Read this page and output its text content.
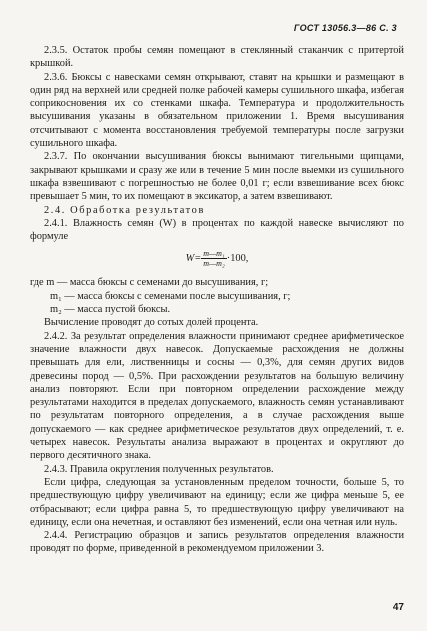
ГОСТ 13056.3—86 С. 3

2.3.5. Остаток пробы семян помещают в стеклянный стаканчик с притертой крышкой.

2.3.6. Бюксы с навесками семян открывают, ставят на крышки и размещают в один ряд на верхней или средней полке рабочей камеры сушильного шкафа, избегая соприкосновения их со стенками шкафа. Температура и продолжительность высушивания указаны в обязательном приложении 1. Время высушивания отсчитывают с момента восстановления требуемой температуры после загрузки сушильного шкафа.

2.3.7. По окончании высушивания бюксы вынимают тигельными щипцами, закрывают крышками и сразу же или в течение 5 мин после выемки из сушильного шкафа взвешивают с погрешностью не более 0,01 г; если взвешивание всех бюкс превышает 5 мин, то их помещают в эксикатор, а затем взвешивают.

2.4. Обработка результатов

2.4.1. Влажность семян (W) в процентах по каждой навеске вычисляют по формуле

$W= \frac{\text{m—m₁}}{\text{m—m₂}} \cdot 100$,

где m — масса бюксы с семенами до высушивания, г;

m₁ — масса бюксы с семенами после высушивания, г;

m₂ — масса пустой бюксы.

Вычисление проводят до сотых долей процента.

2.4.2. За результат определения влажности принимают среднее арифметическое значение влажности двух навесок. Допускаемые расхождения не должны превышать для ели, лиственницы и сосны — 0,3%, для семян других видов древесины пород — 0,5%. При расхождении результатов на большую величину анализ повторяют. Если при повторном определении расхождение между результатами находится в пределах допускаемого, влажность семян устанавливают по результатам повторного определения, а в случае расхождения выше допускаемого — как среднее арифметическое результатов двух определений, т. е. четырех навесок. Результаты анализа выражают в процентах и округляют до первого десятичного знака.

2.4.3. Правила округления полученных результатов.

Если цифра, следующая за установленным пределом точности, больше 5, то предшествующую цифру увеличивают на единицу; если же цифра меньше 5, ее отбрасывают; если цифра равна 5, то предшествующую цифру увеличивают на единицу, если она нечетная, и оставляют без изменений, если она четная или нуль.

2.4.4. Регистрацию образцов и запись результатов определения влажности проводят по форме, приведенной в рекомендуемом приложении 3.

47
